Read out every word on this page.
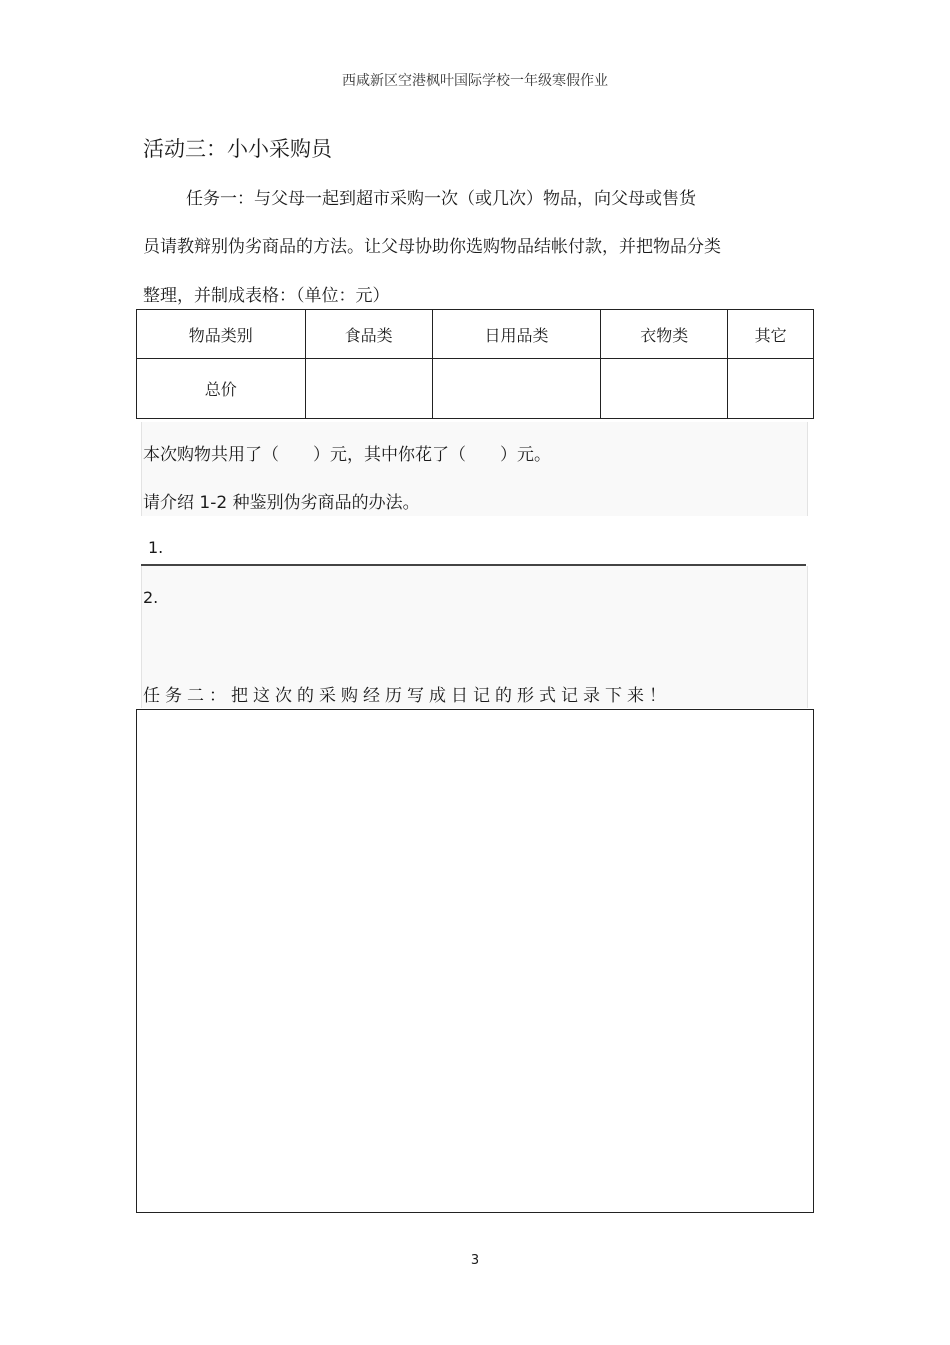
西咸新区空港枫叶国际学校一年级寒假作业
活动三：小小采购员
任务一：与父母一起到超市采购一次（或几次）物品，向父母或售货
员请教辩别伪劣商品的方法。让父母协助你选购物品结帐付款，并把物品分类
整理，并制成表格：（单位：元）
物品类别	食品类	日用品类	衣物类	其它
总价				
本次购物共用了（　　）元，其中你花了（　　）元。
请介绍 1-2 种鉴别伪劣商品的办法。
1.
2.
任务二：把这次的采购经历写成日记的形式记录下来！
3
